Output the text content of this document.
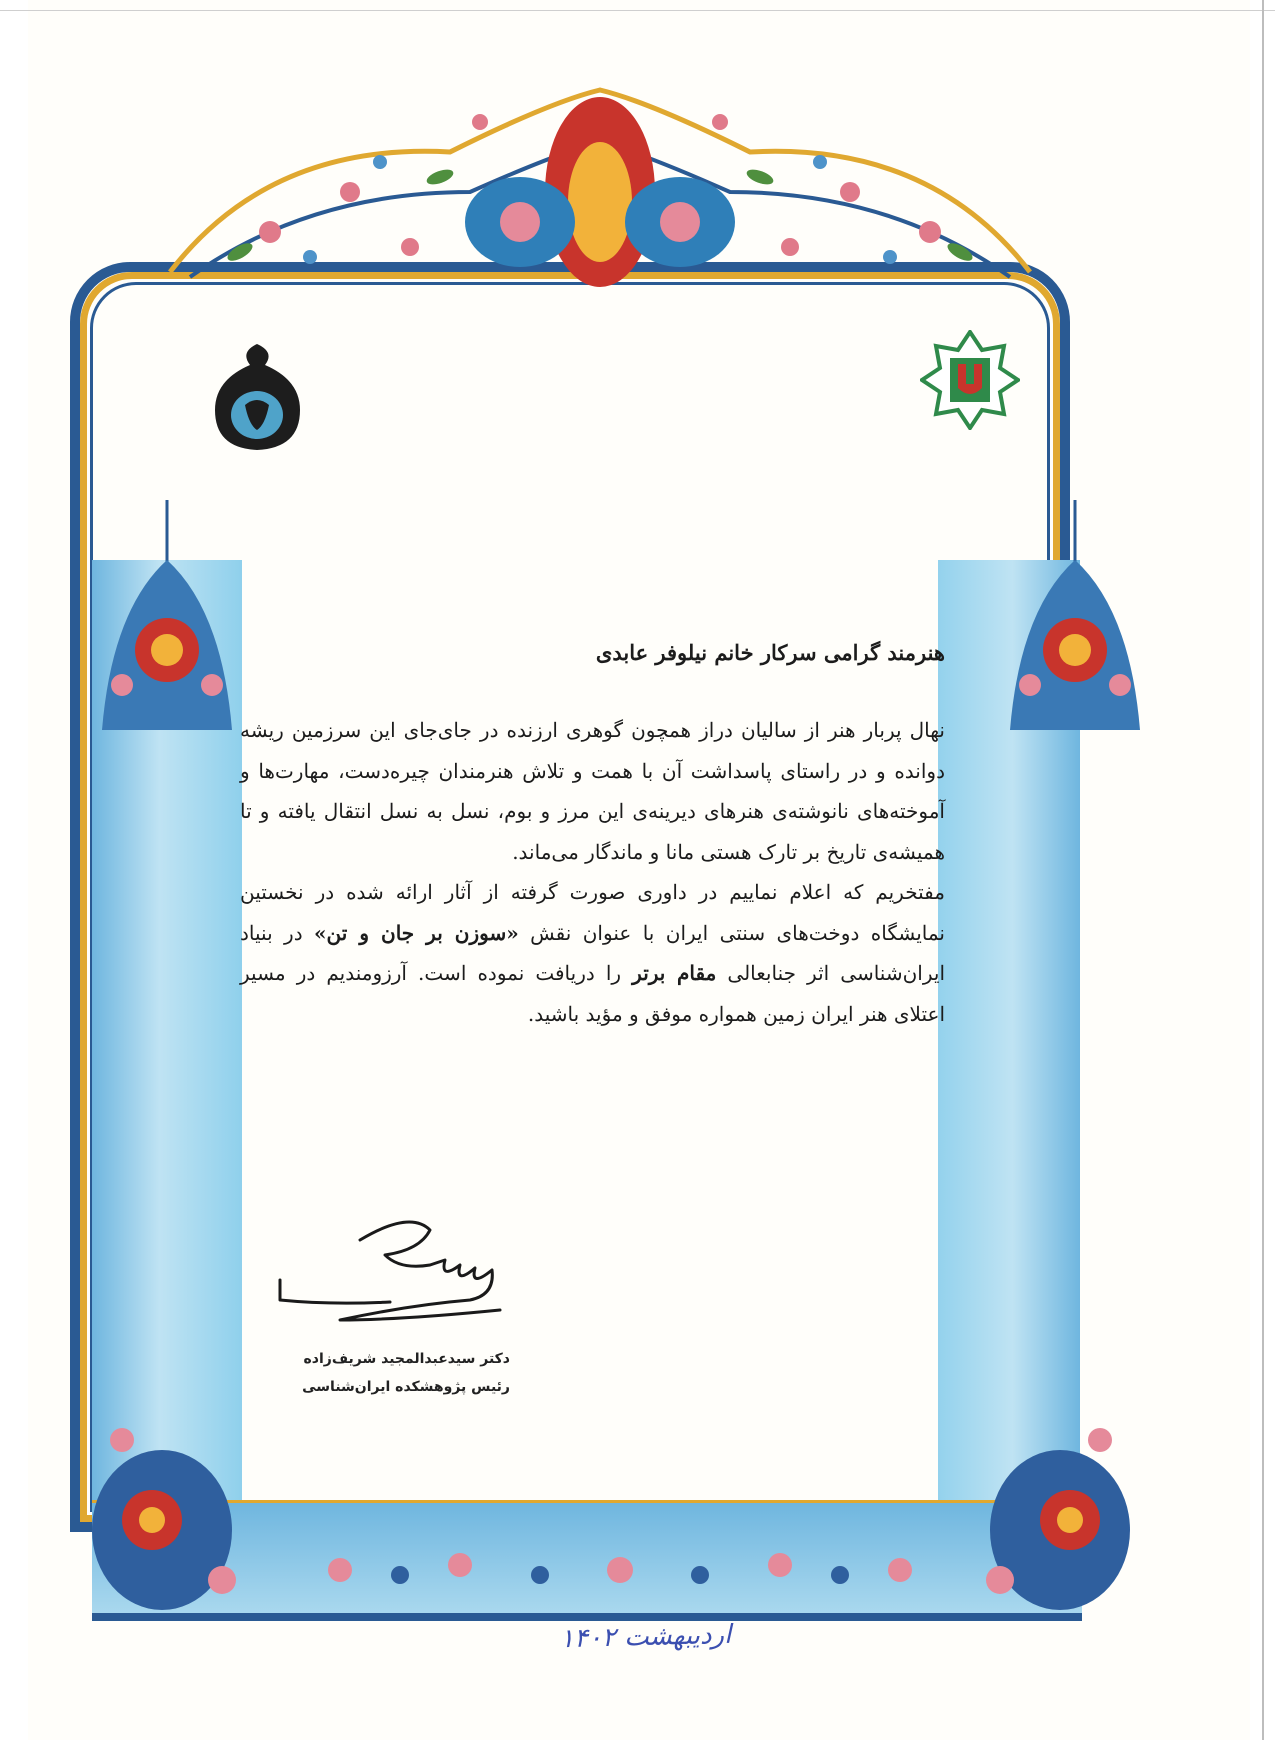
هنرمند گرامی سرکار خانم نیلوفر عابدی

نهال پربار هنر از سالیان دراز همچون گوهری ارزنده در جای‌جای این سرزمین ریشه دوانده و در راستای پاسداشت آن با همت و تلاش هنرمندان چیره‌دست، مهارت‌ها و آموخته‌های نانوشته‌ی هنرهای دیرینه‌ی این مرز و بوم، نسل به نسل انتقال یافته و تا همیشه‌ی تاریخ بر تارک هستی مانا و ماندگار می‌ماند.
مفتخریم که اعلام نماییم در داوری صورت گرفته از آثار ارائه شده در نخستین نمایشگاه دوخت‌های سنتی ایران با عنوان نقش «سوزن بر جان و تن» در بنیاد ایران‌شناسی اثر جنابعالی مقام برتر را دریافت نموده است. آرزومندیم در مسیر اعتلای هنر ایران زمین همواره موفق و مؤید باشید.

دکتر سیدعبدالمجید شریف‌زاده
رئیس پژوهشکده ایران‌شناسی
اردیبهشت ۱۴۰۲
